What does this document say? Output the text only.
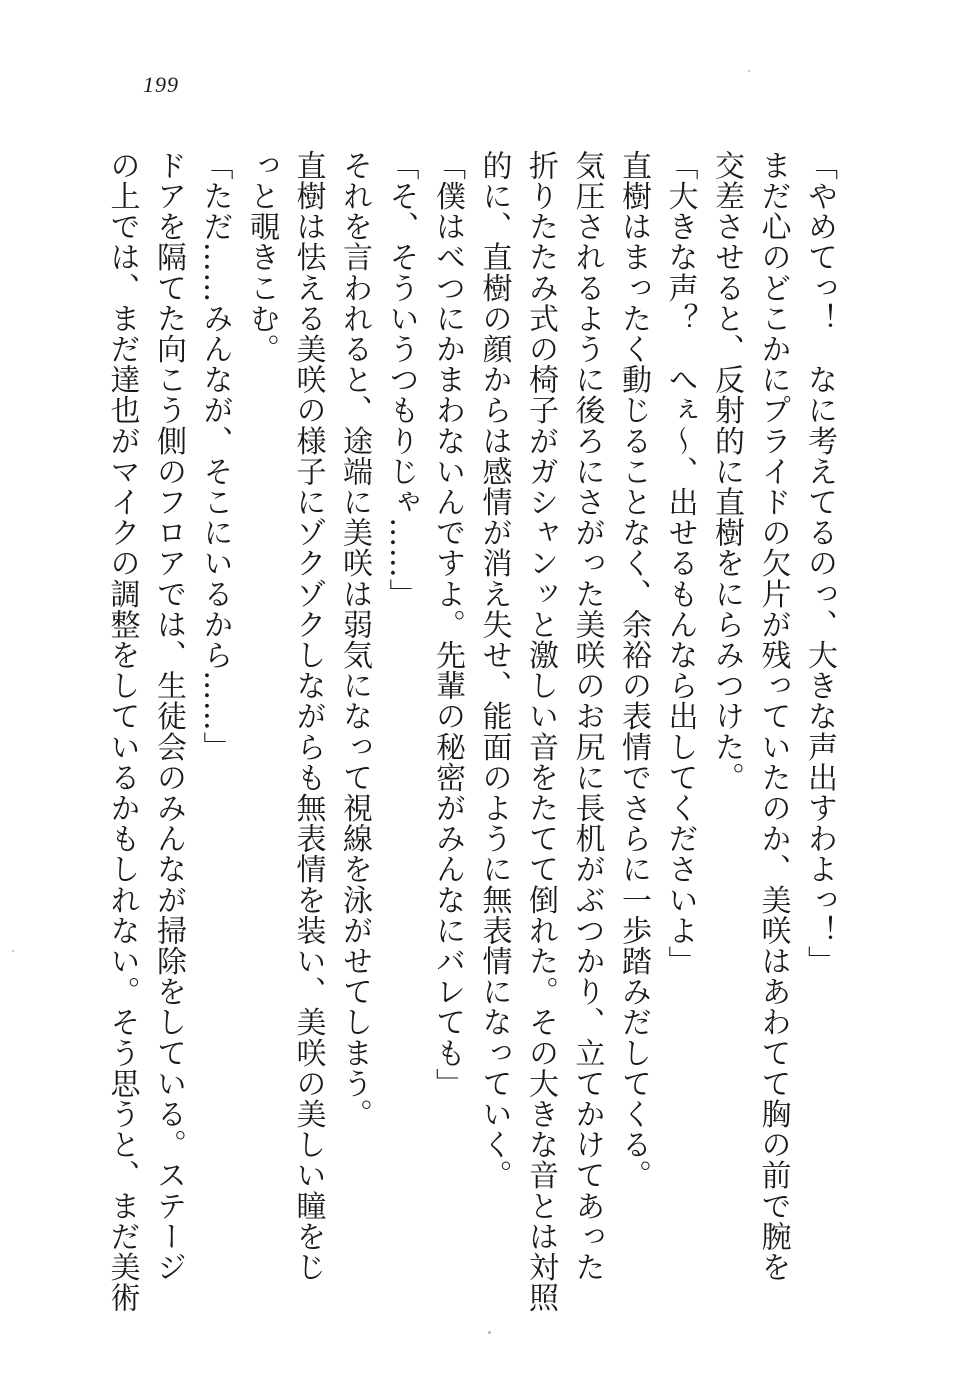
199
「やめてっ！　なに考えてるのっ、大きな声出すわよっ！」
まだ心のどこかにプライドの欠片が残っていたのか、美咲はあわてて胸の前で腕を
交差させると、反射的に直樹をにらみつけた。
「大きな声？　へぇ〜、出せるもんなら出してくださいよ」
直樹はまったく動じることなく、余裕の表情でさらに一歩踏みだしてくる。
気圧されるように後ろにさがった美咲のお尻に長机がぶつかり、立てかけてあった
折りたたみ式の椅子がガシャンッと激しい音をたてて倒れた。その大きな音とは対照
的に、直樹の顔からは感情が消え失せ、能面のように無表情になっていく。
「僕はべつにかまわないんですよ。先輩の秘密がみんなにバレても」
「そ、そういうつもりじゃ……」
それを言われると、途端に美咲は弱気になって視線を泳がせてしまう。
直樹は怯える美咲の様子にゾクゾクしながらも無表情を装い、美咲の美しい瞳をじ
っと覗きこむ。
「ただ……みんなが、そこにいるから……」
ドアを隔てた向こう側のフロアでは、生徒会のみんなが掃除をしている。ステージ
の上では、まだ達也がマイクの調整をしているかもしれない。そう思うと、まだ美術
